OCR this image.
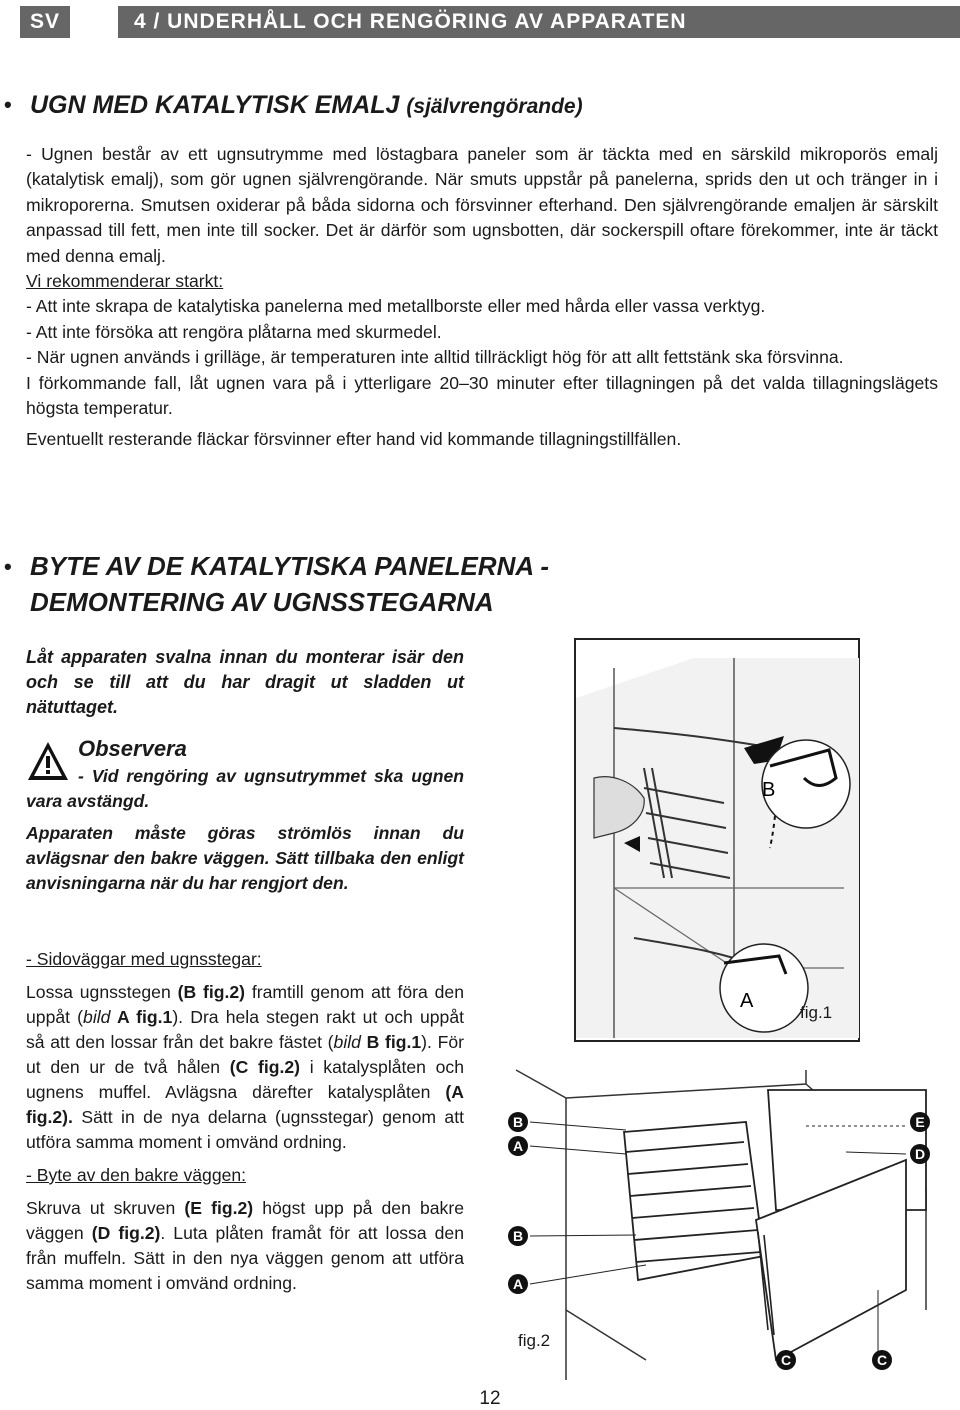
SV	4 / UNDERHÅLL OCH RENGÖRING AV APPARATEN
• UGN MED KATALYTISK EMALJ (självrengörande)

- Ugnen består av ett ugnsutrymme med löstagbara paneler som är täckta med en särskild mikroporös emalj (katalytisk emalj), som gör ugnen självrengörande. När smuts uppstår på panelerna, sprids den ut och tränger in i mikroporerna. Smutsen oxiderar på båda sidorna och försvinner efterhand. Den självrengörande emaljen är särskilt anpassad till fett, men inte till socker. Det är därför som ugnsbotten, där sockerspill oftare förekommer, inte är täckt med denna emalj.

Vi rekommenderar starkt:

- Att inte skrapa de katalytiska panelerna med metallborste eller med hårda eller vassa verktyg.

- Att inte försöka att rengöra plåtarna med skurmedel.

- När ugnen används i grilläge, är temperaturen inte alltid tillräckligt hög för att allt fettstänk ska försvinna.

I förkommande fall, låt ugnen vara på i ytterligare 20–30 minuter efter tillagningen på det valda tillagningslägets högsta temperatur.

Eventuellt resterande fläckar försvinner efter hand vid kommande tillagningstillfällen.

• BYTE AV DE KATALYTISKA PANELERNA -
DEMONTERING AV UGNSSTEGARNA

Låt apparaten svalna innan du monterar isär den och se till att du har dragit ut sladden ut nätuttaget.

Observera

- Vid rengöring av ugnsutrymmet ska ugnen vara avstängd.

Apparaten måste göras strömlös innan du avlägsnar den bakre väggen. Sätt tillbaka den enligt anvisningarna när du har rengjort den.

- Sidoväggar med ugnsstegar:

Lossa ugnsstegen (B fig.2) framtill genom att föra den uppåt (bild A fig.1). Dra hela stegen rakt ut och uppåt så att den lossar från det bakre fästet (bild B fig.1). För ut den ur de två hålen (C fig.2) i katalysplåten och ugnens muffel. Avlägsna därefter katalysplåten (A fig.2). Sätt in de nya delarna (ugnsstegar) genom att utföra samma moment i omvänd ordning.

- Byte av den bakre väggen:

Skruva ut skruven (E fig.2) högst upp på den bakre väggen (D fig.2). Luta plåten framåt för att lossa den från muffeln. Sätt in den nya väggen genom att utföra samma moment i omvänd ordning.

B
A
fig.1
B
A
B
A
E
D
C	C
fig.2
12
